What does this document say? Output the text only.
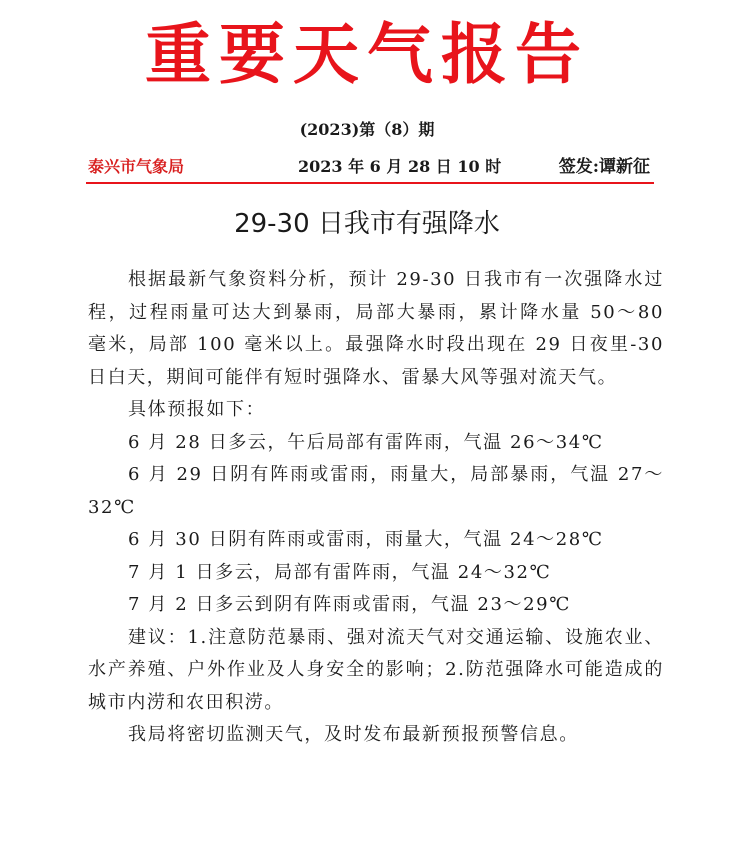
重要天气报告
(2023)第（8）期
泰兴市气象局	2023 年 6 月 28 日 10 时	签发:谭新征
29-30 日我市有强降水

根据最新气象资料分析，预计 29-30 日我市有一次强降水过程，过程雨量可达大到暴雨，局部大暴雨，累计降水量 50～80 毫米，局部 100 毫米以上。最强降水时段出现在 29 日夜里-30 日白天，期间可能伴有短时强降水、雷暴大风等强对流天气。

具体预报如下：

6 月 28 日多云，午后局部有雷阵雨，气温 26～34℃

6 月 29 日阴有阵雨或雷雨，雨量大，局部暴雨，气温 27～32℃

6 月 30 日阴有阵雨或雷雨，雨量大，气温 24～28℃

7 月 1 日多云，局部有雷阵雨，气温 24～32℃

7 月 2 日多云到阴有阵雨或雷雨，气温 23～29℃

建议：1.注意防范暴雨、强对流天气对交通运输、设施农业、水产养殖、户外作业及人身安全的影响；2.防范强降水可能造成的城市内涝和农田积涝。

我局将密切监测天气，及时发布最新预报预警信息。
